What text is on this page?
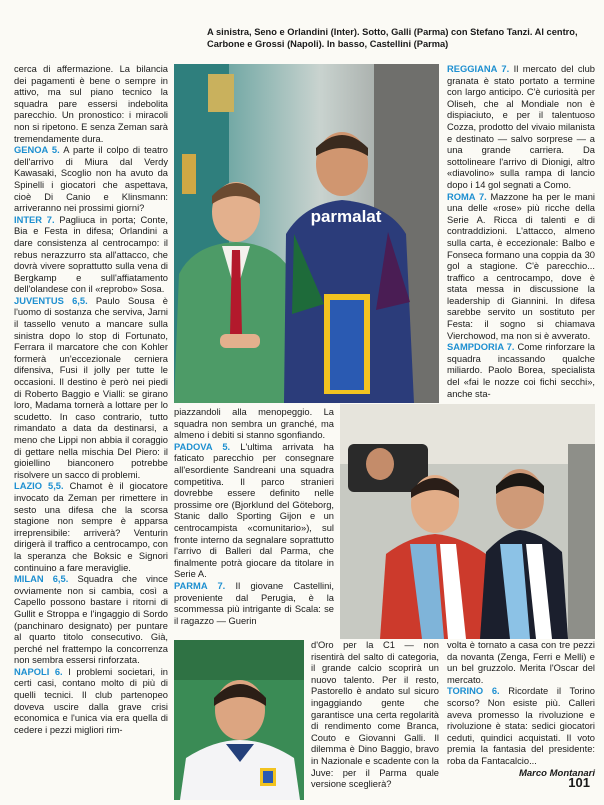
A sinistra, Seno e Orlandini (Inter). Sotto, Galli (Parma) con Stefano Tanzi. Al centro, Carbone e Grossi (Napoli). In basso, Castellini (Parma)

cerca di affermazione. La bilancia dei pagamenti è bene o sempre in attivo, ma sul piano tecnico la squadra pare essersi indebolita parecchio. Un pronostico: i miracoli non si ripetono. E senza Zeman sarà tremendamente dura.

GENOA 5. A parte il colpo di teatro dell'arrivo di Miura dal Verdy Kawasaki, Scoglio non ha avuto da Spinelli i giocatori che aspettava, cioè Di Canio e Klinsmann: arriveranno nei prossimi giorni?

INTER 7. Pagliuca in porta; Conte, Bia e Festa in difesa; Orlandini a dare consistenza al centrocampo: il rebus nerazzurro sta all'attacco, che dovrà vivere soprattutto sulla vena di Bergkamp e sull'affiatamento dell'olandese con il «reprobo» Sosa.

JUVENTUS 6,5. Paulo Sousa è l'uomo di sostanza che serviva, Jarni il tassello venuto a mancare sulla sinistra dopo lo stop di Fortunato, Ferrara il marcatore che con Kohler formerà un'eccezionale cerniera difensiva, Fusi il jolly per tutte le occasioni. Il destino è però nei piedi di Roberto Baggio e Vialli: se girano loro, Madama tornerà a lottare per lo scudetto. In caso contrario, tutto rimandato a data da destinarsi, a meno che Lippi non abbia il coraggio di gettare nella mischia Del Piero: il gioiellino bianconero potrebbe risolvere un sacco di problemi.

LAZIO 5,5. Chamot è il giocatore invocato da Zeman per rimettere in sesto una difesa che la scorsa stagione non sempre è apparsa irreprensibile: arriverà? Venturin dirigerà il traffico a centrocampo, con la speranza che Boksic e Signori continuino a fare meraviglie.

MILAN 6,5. Squadra che vince ovviamente non si cambia, così a Capello possono bastare i ritorni di Gullit e Stroppa e l'ingaggio di Sordo (panchinaro designato) per puntare al quarto titolo consecutivo. Già, perché nel frattempo la concorrenza non sembra essersi rinforzata.

NAPOLI 6. I problemi societari, in certi casi, contano molto di più di quelli tecnici. Il club partenopeo doveva uscire dalla grave crisi economica e l'unica via era quella di cedere i pezzi migliori rim-

parmalat

REGGIANA 7. Il mercato del club granata è stato portato a termine con largo anticipo. C'è curiosità per Oliseh, che al Mondiale non è dispiaciuto, e per il talentuoso Cozza, prodotto del vivaio milanista e destinato — salvo sorprese — a una grande carriera. Da sottolineare l'arrivo di Dionigi, altro «diavolino» sulla rampa di lancio dopo i 14 gol segnati a Como.

ROMA 7. Mazzone ha per le mani una delle «rose» più ricche della Serie A. Ricca di talenti e di contraddizioni. L'attacco, almeno sulla carta, è eccezionale: Balbo e Fonseca formano una coppia da 30 gol a stagione. C'è parecchio... traffico a centrocampo, dove è stata messa in discussione la leadership di Giannini. In difesa sarebbe servito un sostituto per Festa: il sogno si chiamava Vierchowod, ma non si è avverato.

SAMPDORIA 7. Come rinforzare la squadra incassando qualche miliardo. Paolo Borea, specialista del «fai le nozze coi fichi secchi», anche sta-

piazzandoli alla menopeggio. La squadra non sembra un granché, ma almeno i debiti si stanno sgonfiando.

PADOVA 5. L'ultima arrivata ha faticato parecchio per consegnare all'esordiente Sandreani una squadra competitiva. Il parco stranieri dovrebbe essere definito nelle prossime ore (Bjorklund del Göteborg, Stanic dallo Sporting Gijon e un centrocampista «comunitario»), sul fronte interno da segnalare soprattutto l'arrivo di Balleri dal Parma, che finalmente potrà giocare da titolare in Serie A.

PARMA 7. Il giovane Castellini, proveniente dal Perugia, è la scommessa più intrigante di Scala: se il ragazzo — Guerin

d'Oro per la C1 — non risentirà del salto di categoria, il grande calcio scoprirà un nuovo talento. Per il resto, Pastorello è andato sul sicuro ingaggiando gente che garantisce una certa regolarità di rendimento come Branca, Couto e Giovanni Galli. Il dilemma è Dino Baggio, bravo in Nazionale e scadente con la Juve: per il Parma quale versione sceglierà?

volta è tornato a casa con tre pezzi da novanta (Zenga, Ferri e Melli) e un bel gruzzolo. Merita l'Oscar del mercato.

TORINO 6. Ricordate il Torino scorso? Non esiste più. Calleri aveva promesso la rivoluzione e rivoluzione è stata: sedici giocatori ceduti, quindici acquistati. Il voto premia la fantasia del presidente: roba da Fantacalcio...

Marco Montanari

101
